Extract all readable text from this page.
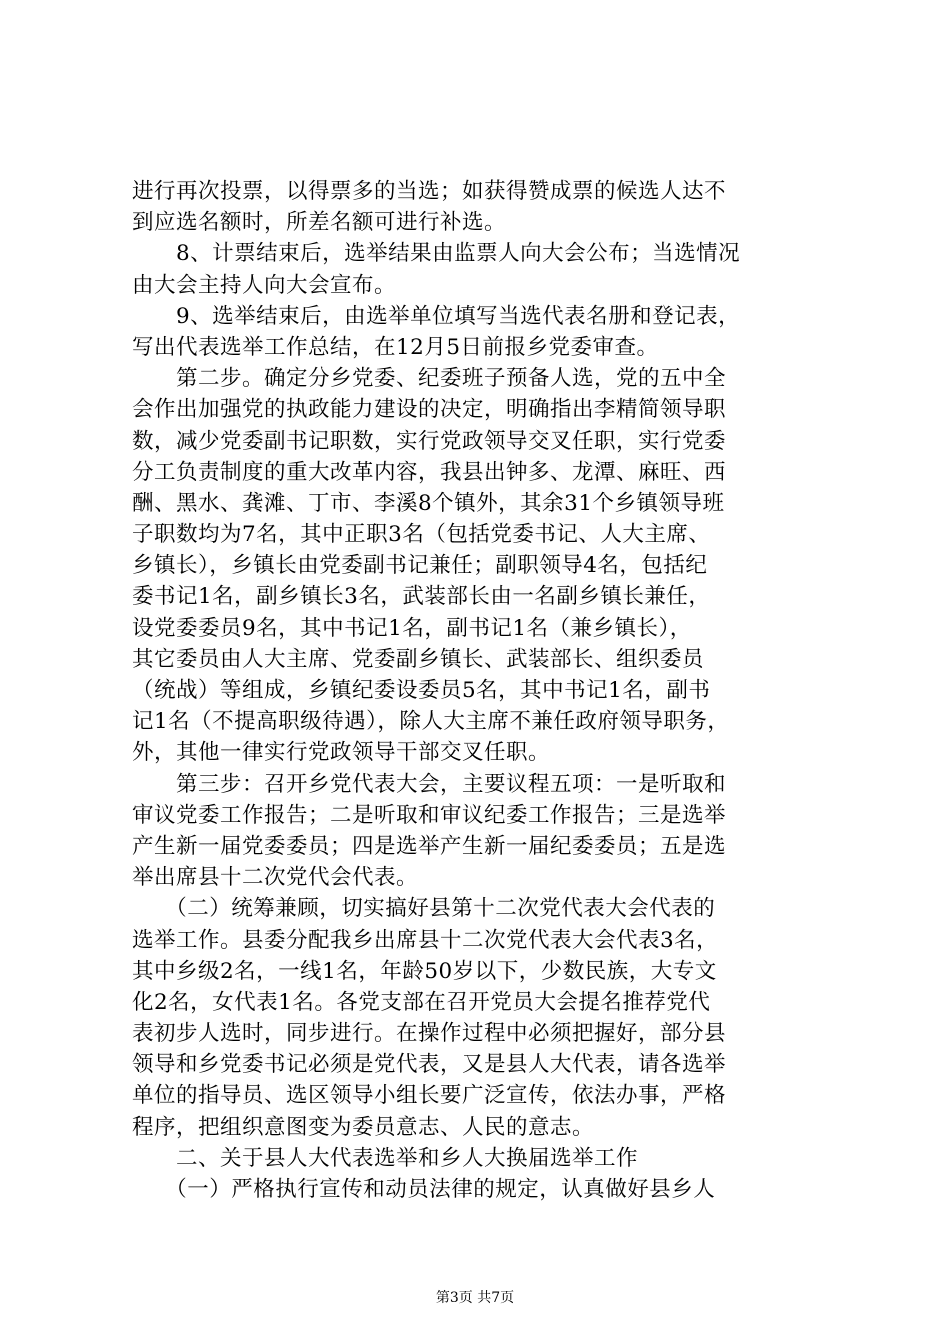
进行再次投票，以得票多的当选；如获得赞成票的候选人达不
到应选名额时，所差名额可进行补选。
　　8、计票结束后，选举结果由监票人向大会公布；当选情况
由大会主持人向大会宣布。
　　9、选举结束后，由选举单位填写当选代表名册和登记表，
写出代表选举工作总结，在12月5日前报乡党委审查。
　　第二步。确定分乡党委、纪委班子预备人选，党的五中全
会作出加强党的执政能力建设的决定，明确指出李精简领导职
数，减少党委副书记职数，实行党政领导交叉任职，实行党委
分工负责制度的重大改革内容，我县出钟多、龙潭、麻旺、西
酬、黑水、龚滩、丁市、李溪8个镇外，其余31个乡镇领导班
子职数均为7名，其中正职3名（包括党委书记、人大主席、
乡镇长），乡镇长由党委副书记兼任；副职领导4名，包括纪
委书记1名，副乡镇长3名，武装部长由一名副乡镇长兼任，
设党委委员9名，其中书记1名，副书记1名（兼乡镇长），
其它委员由人大主席、党委副乡镇长、武装部长、组织委员
（统战）等组成，乡镇纪委设委员5名，其中书记1名，副书
记1名（不提高职级待遇），除人大主席不兼任政府领导职务，
外，其他一律实行党政领导干部交叉任职。
　　第三步：召开乡党代表大会，主要议程五项：一是听取和
审议党委工作报告；二是听取和审议纪委工作报告；三是选举
产生新一届党委委员；四是选举产生新一届纪委委员；五是选
举出席县十二次党代会代表。
　　（二）统筹兼顾，切实搞好县第十二次党代表大会代表的
选举工作。县委分配我乡出席县十二次党代表大会代表3名，
其中乡级2名，一线1名，年龄50岁以下，少数民族，大专文
化2名，女代表1名。各党支部在召开党员大会提名推荐党代
表初步人选时，同步进行。在操作过程中必须把握好，部分县
领导和乡党委书记必须是党代表，又是县人大代表，请各选举
单位的指导员、选区领导小组长要广泛宣传，依法办事，严格
程序，把组织意图变为委员意志、人民的意志。
　　二、关于县人大代表选举和乡人大换届选举工作
　　（一）严格执行宣传和动员法律的规定，认真做好县乡人
第3页 共7页
